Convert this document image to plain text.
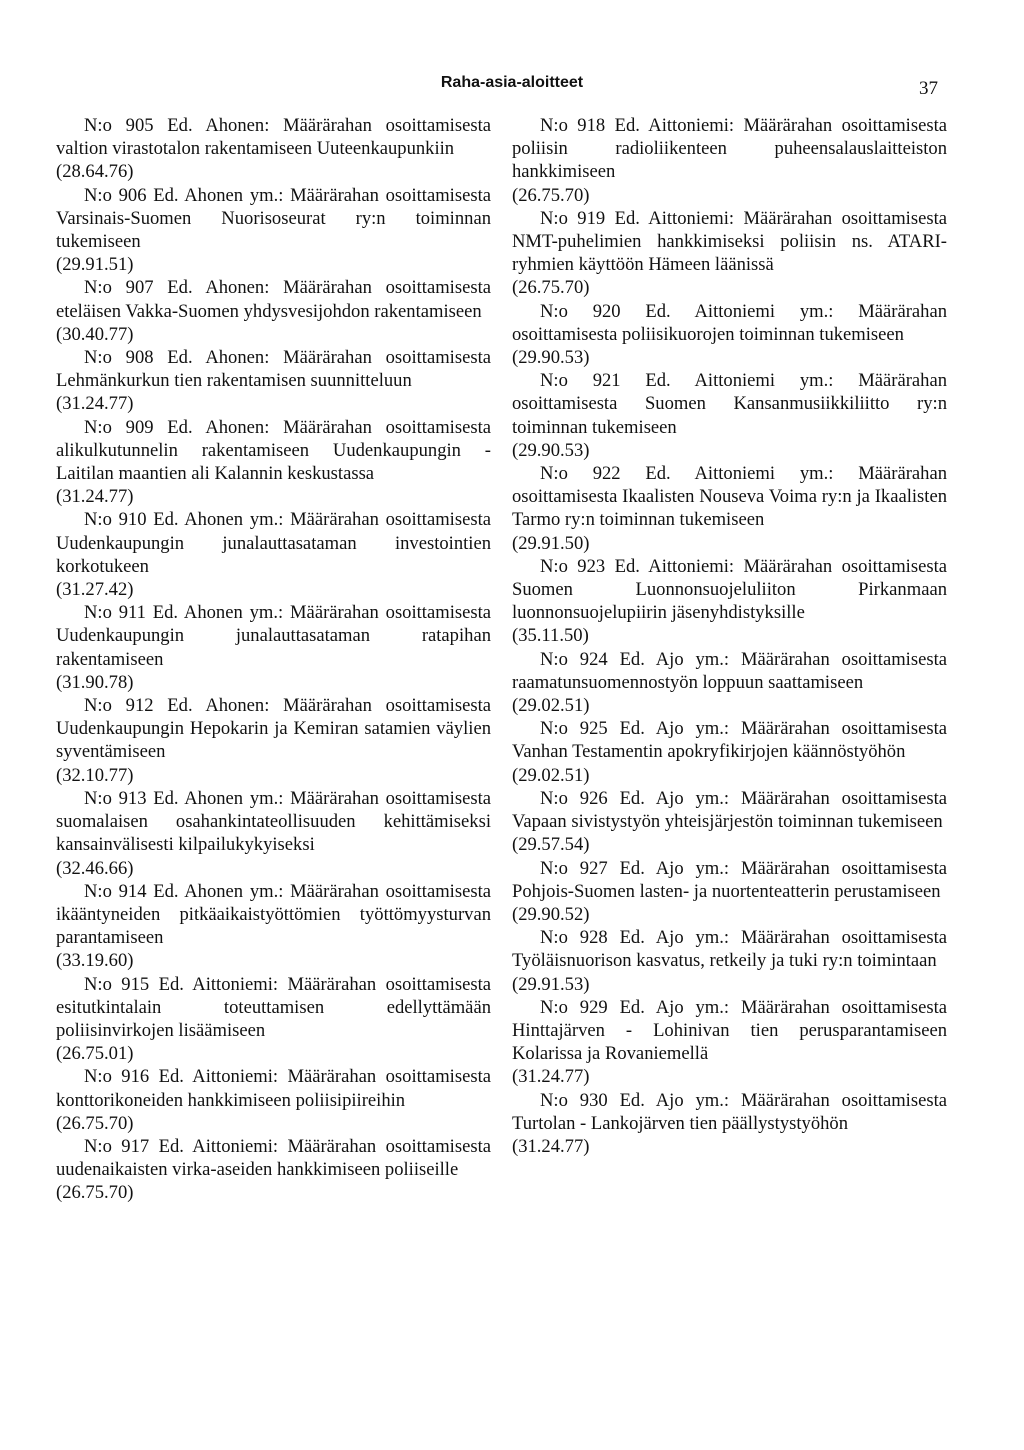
Raha-asia-aloitteet	37

N:o 905 Ed. Ahonen: Määrärahan osoittamisesta valtion virastotalon rakentamiseen Uuteenkaupunkiin
(28.64.76)

N:o 906 Ed. Ahonen ym.: Määrärahan osoittamisesta Varsinais-Suomen Nuorisoseurat ry:n toiminnan tukemiseen
(29.91.51)

N:o 907 Ed. Ahonen: Määrärahan osoittamisesta eteläisen Vakka-Suomen yhdysvesijohdon rakentamiseen
(30.40.77)

N:o 908 Ed. Ahonen: Määrärahan osoittamisesta Lehmänkurkun tien rakentamisen suunnitteluun
(31.24.77)

N:o 909 Ed. Ahonen: Määrärahan osoittamisesta alikulkutunnelin rakentamiseen Uudenkaupungin - Laitilan maantien ali Kalannin keskustassa
(31.24.77)

N:o 910 Ed. Ahonen ym.: Määrärahan osoittamisesta Uudenkaupungin junalauttasataman investointien korkotukeen
(31.27.42)

N:o 911 Ed. Ahonen ym.: Määrärahan osoittamisesta Uudenkaupungin junalauttasataman ratapihan rakentamiseen
(31.90.78)

N:o 912 Ed. Ahonen: Määrärahan osoittamisesta Uudenkaupungin Hepokarin ja Kemiran satamien väylien syventämiseen
(32.10.77)

N:o 913 Ed. Ahonen ym.: Määrärahan osoittamisesta suomalaisen osahankintateollisuuden kehittämiseksi kansainvälisesti kilpailukykyiseksi
(32.46.66)

N:o 914 Ed. Ahonen ym.: Määrärahan osoittamisesta ikääntyneiden pitkäaikaistyöttömien työttömyysturvan parantamiseen
(33.19.60)

N:o 915 Ed. Aittoniemi: Määrärahan osoittamisesta esitutkintalain toteuttamisen edellyttämään poliisinvirkojen lisäämiseen
(26.75.01)

N:o 916 Ed. Aittoniemi: Määrärahan osoittamisesta konttorikoneiden hankkimiseen poliisipiireihin
(26.75.70)

N:o 917 Ed. Aittoniemi: Määrärahan osoittamisesta uudenaikaisten virka-aseiden hankkimiseen poliiseille
(26.75.70)

N:o 918 Ed. Aittoniemi: Määrärahan osoittamisesta poliisin radioliikenteen puheensalauslaitteiston hankkimiseen
(26.75.70)

N:o 919 Ed. Aittoniemi: Määrärahan osoittamisesta NMT-puhelimien hankkimiseksi poliisin ns. ATARI-ryhmien käyttöön Hämeen läänissä
(26.75.70)

N:o 920 Ed. Aittoniemi ym.: Määrärahan osoittamisesta poliisikuorojen toiminnan tukemiseen
(29.90.53)

N:o 921 Ed. Aittoniemi ym.: Määrärahan osoittamisesta Suomen Kansanmusiikkiliitto ry:n toiminnan tukemiseen
(29.90.53)

N:o 922 Ed. Aittoniemi ym.: Määrärahan osoittamisesta Ikaalisten Nouseva Voima ry:n ja Ikaalisten Tarmo ry:n toiminnan tukemiseen
(29.91.50)

N:o 923 Ed. Aittoniemi: Määrärahan osoittamisesta Suomen Luonnonsuojeluliiton Pirkanmaan luonnonsuojelupiirin jäsenyhdistyksille
(35.11.50)

N:o 924 Ed. Ajo ym.: Määrärahan osoittamisesta raamatunsuomennostyön loppuun saattamiseen
(29.02.51)

N:o 925 Ed. Ajo ym.: Määrärahan osoittamisesta Vanhan Testamentin apokryfikirjojen käännöstyöhön
(29.02.51)

N:o 926 Ed. Ajo ym.: Määrärahan osoittamisesta Vapaan sivistystyön yhteisjärjestön toiminnan tukemiseen
(29.57.54)

N:o 927 Ed. Ajo ym.: Määrärahan osoittamisesta Pohjois-Suomen lasten- ja nuortenteatterin perustamiseen
(29.90.52)

N:o 928 Ed. Ajo ym.: Määrärahan osoittamisesta Työläisnuorison kasvatus, retkeily ja tuki ry:n toimintaan
(29.91.53)

N:o 929 Ed. Ajo ym.: Määrärahan osoittamisesta Hinttajärven - Lohinivan tien perusparantamiseen Kolarissa ja Rovaniemellä
(31.24.77)

N:o 930 Ed. Ajo ym.: Määrärahan osoittamisesta Turtolan - Lankojärven tien päällystystyöhön
(31.24.77)
